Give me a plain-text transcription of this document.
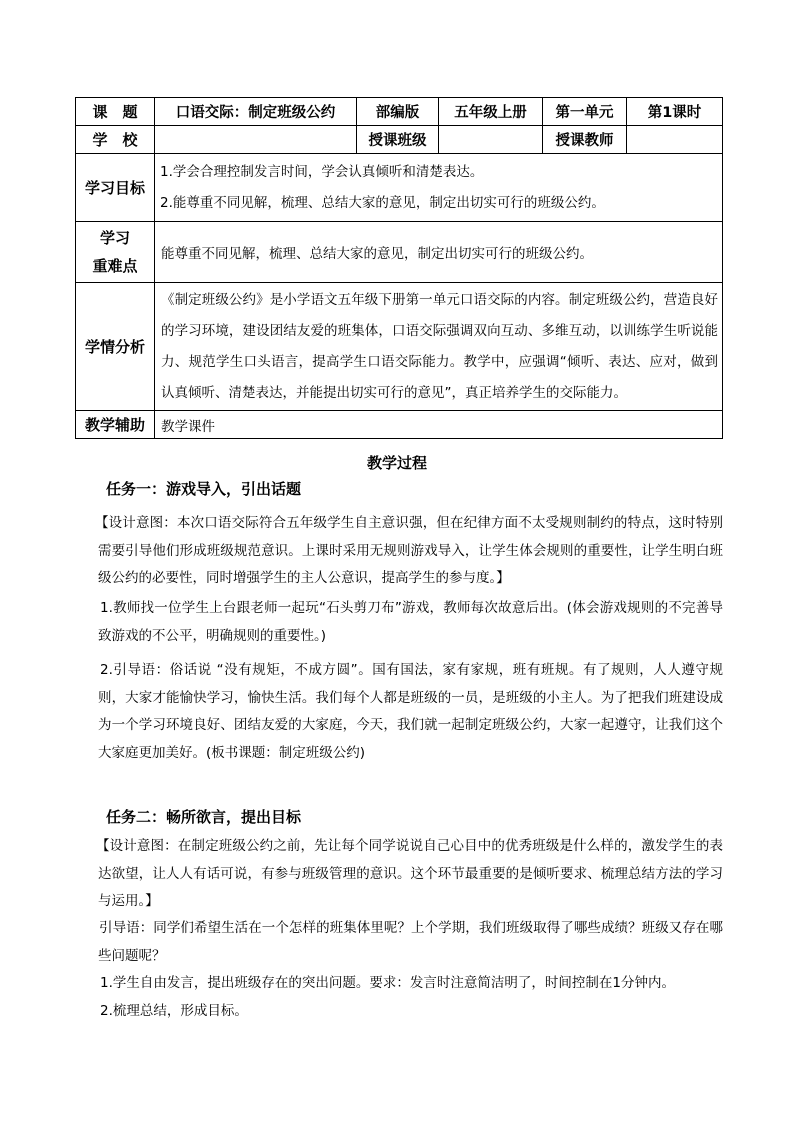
课　题	口语交际：制定班级公约	部编版	五年级上册	第一单元	第1课时
学　校		授课班级		授课教师	
学习目标	1.学会合理控制发言时间，学会认真倾听和清楚表达。
2.能尊重不同见解，梳理、总结大家的意见，制定出切实可行的班级公约。				

学习
重难点	能尊重不同见解，梳理、总结大家的意见，制定出切实可行的班级公约。				
学情分析	《制定班级公约》是小学语文五年级下册第一单元口语交际的内容。制定班级公约，营造良好的学习环境，建设团结友爱的班集体，口语交际强调双向互动、多维互动，以训练学生听说能力、规范学生口头语言，提高学生口语交际能力。教学中，应强调“倾听、表达、应对，做到认真倾听、清楚表达，并能提出切实可行的意见”，真正培养学生的交际能力。				
教学辅助	教学课件				
教学过程
任务一：游戏导入，引出话题

【设计意图：本次口语交际符合五年级学生自主意识强，但在纪律方面不太受规则制约的特点，这时特别需要引导他们形成班级规范意识。上课时采用无规则游戏导入，让学生体会规则的重要性，让学生明白班级公约的必要性，同时增强学生的主人公意识，提高学生的参与度。】

1.教师找一位学生上台跟老师一起玩“石头剪刀布”游戏，教师每次故意后出。(体会游戏规则的不完善导致游戏的不公平，明确规则的重要性。)

2.引导语：俗话说 “没有规矩，不成方圆”。国有国法，家有家规，班有班规。有了规则，人人遵守规则，大家才能愉快学习，愉快生活。我们每个人都是班级的一员，是班级的小主人。为了把我们班建设成为一个学习环境良好、团结友爱的大家庭，今天，我们就一起制定班级公约，大家一起遵守，让我们这个大家庭更加美好。(板书课题：制定班级公约)

任务二：畅所欲言，提出目标

【设计意图：在制定班级公约之前，先让每个同学说说自己心目中的优秀班级是什么样的，激发学生的表达欲望，让人人有话可说，有参与班级管理的意识。这个环节最重要的是倾听要求、梳理总结方法的学习与运用。】

引导语：同学们希望生活在一个怎样的班集体里呢？上个学期，我们班级取得了哪些成绩？班级又存在哪些问题呢？

1.学生自由发言，提出班级存在的突出问题。要求：发言时注意简洁明了，时间控制在1分钟内。

2.梳理总结，形成目标。
